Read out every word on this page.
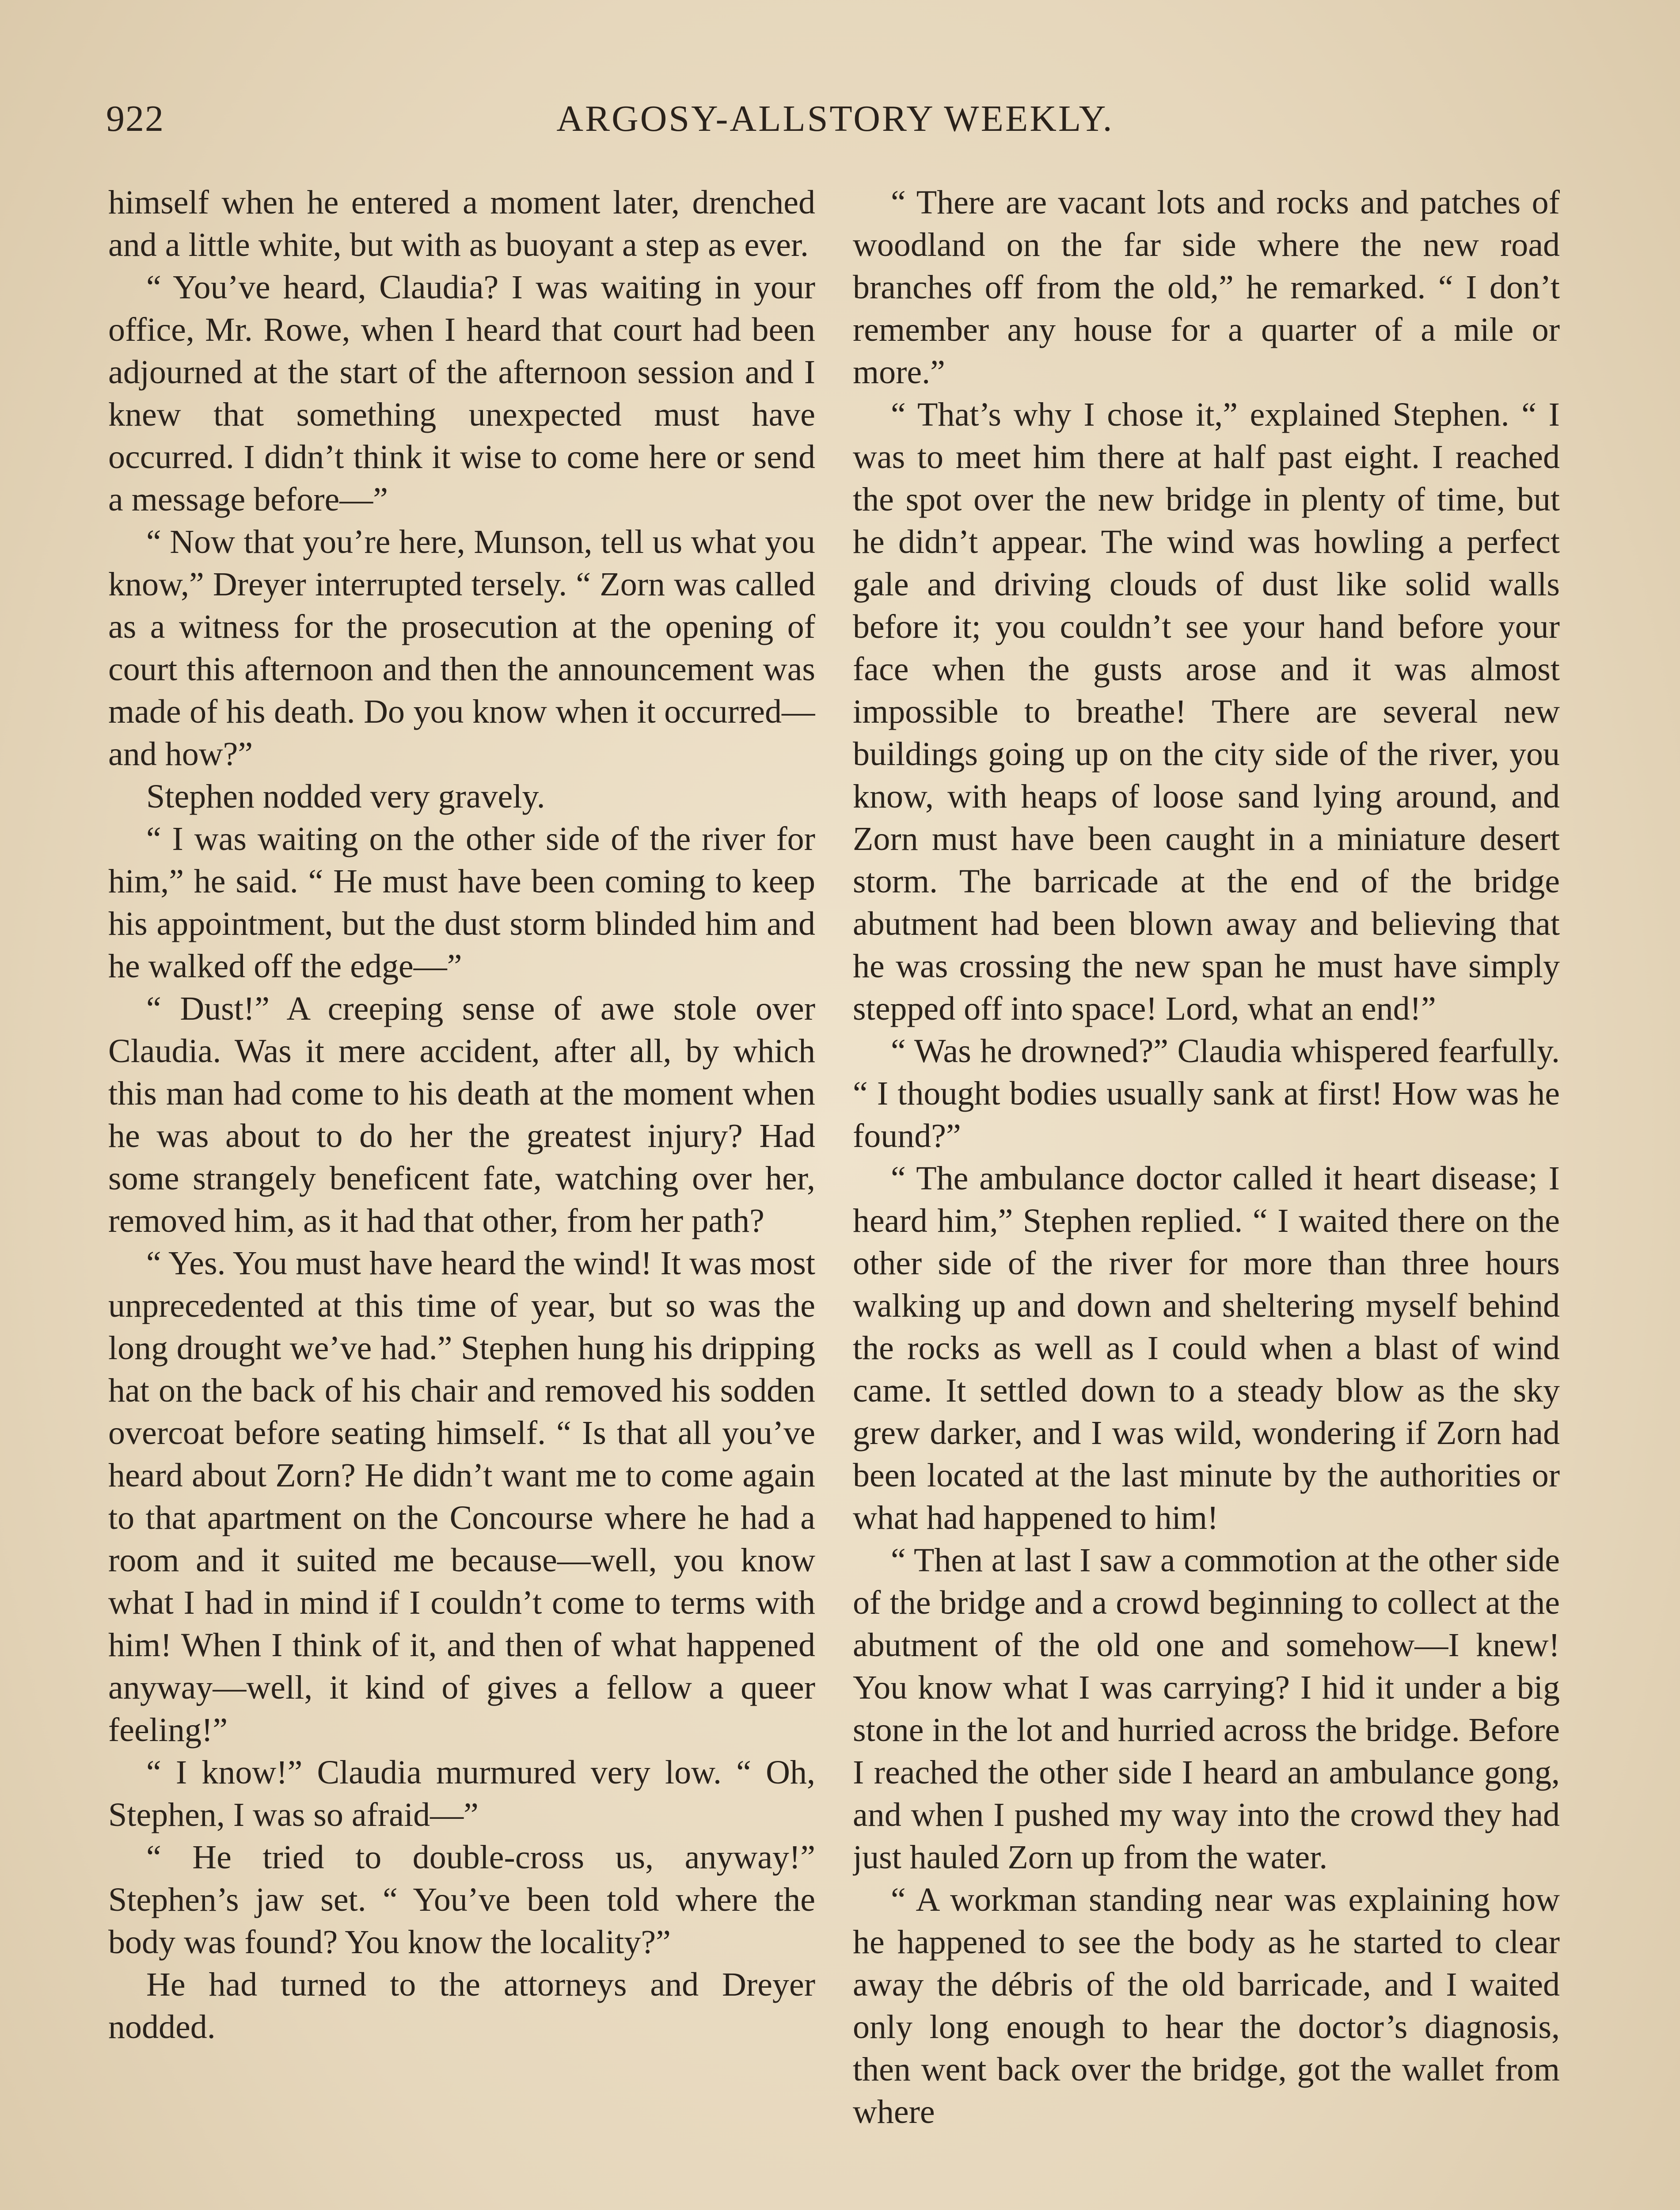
922	ARGOSY-ALLSTORY WEEKLY.

himself when he entered a moment later, drenched and a little white, but with as buoyant a step as ever.

“ You’ve heard, Claudia? I was waiting in your office, Mr. Rowe, when I heard that court had been adjourned at the start of the afternoon session and I knew that something unexpected must have occurred. I didn’t think it wise to come here or send a message before—”

“ Now that you’re here, Munson, tell us what you know,” Dreyer interrupted tersely. “ Zorn was called as a witness for the prosecution at the opening of court this afternoon and then the announcement was made of his death. Do you know when it occurred—and how?”

Stephen nodded very gravely.

“ I was waiting on the other side of the river for him,” he said. “ He must have been coming to keep his appointment, but the dust storm blinded him and he walked off the edge—”

“ Dust!” A creeping sense of awe stole over Claudia. Was it mere accident, after all, by which this man had come to his death at the moment when he was about to do her the greatest injury? Had some strangely beneficent fate, watching over her, removed him, as it had that other, from her path?

“ Yes. You must have heard the wind! It was most unprecedented at this time of year, but so was the long drought we’ve had.” Stephen hung his dripping hat on the back of his chair and removed his sodden overcoat before seating himself. “ Is that all you’ve heard about Zorn? He didn’t want me to come again to that apartment on the Concourse where he had a room and it suited me because—well, you know what I had in mind if I couldn’t come to terms with him! When I think of it, and then of what happened anyway—well, it kind of gives a fellow a queer feeling!”

“ I know!” Claudia murmured very low. “ Oh, Stephen, I was so afraid—”

“ He tried to double-cross us, anyway!” Stephen’s jaw set. “ You’ve been told where the body was found? You know the locality?”

He had turned to the attorneys and Dreyer nodded.

“ There are vacant lots and rocks and patches of woodland on the far side where the new road branches off from the old,” he remarked. “ I don’t remember any house for a quarter of a mile or more.”

“ That’s why I chose it,” explained Stephen. “ I was to meet him there at half past eight. I reached the spot over the new bridge in plenty of time, but he didn’t appear. The wind was howling a perfect gale and driving clouds of dust like solid walls before it; you couldn’t see your hand before your face when the gusts arose and it was almost impossible to breathe! There are several new buildings going up on the city side of the river, you know, with heaps of loose sand lying around, and Zorn must have been caught in a miniature desert storm. The barricade at the end of the bridge abutment had been blown away and believing that he was crossing the new span he must have simply stepped off into space! Lord, what an end!”

“ Was he drowned?” Claudia whispered fearfully. “ I thought bodies usually sank at first! How was he found?”

“ The ambulance doctor called it heart disease; I heard him,” Stephen replied. “ I waited there on the other side of the river for more than three hours walking up and down and sheltering myself behind the rocks as well as I could when a blast of wind came. It settled down to a steady blow as the sky grew darker, and I was wild, wondering if Zorn had been located at the last minute by the authorities or what had happened to him!

“ Then at last I saw a commotion at the other side of the bridge and a crowd beginning to collect at the abutment of the old one and somehow—I knew! You know what I was carrying? I hid it under a big stone in the lot and hurried across the bridge. Before I reached the other side I heard an ambulance gong, and when I pushed my way into the crowd they had just hauled Zorn up from the water.

“ A workman standing near was explaining how he happened to see the body as he started to clear away the débris of the old barricade, and I waited only long enough to hear the doctor’s diagnosis, then went back over the bridge, got the wallet from where
